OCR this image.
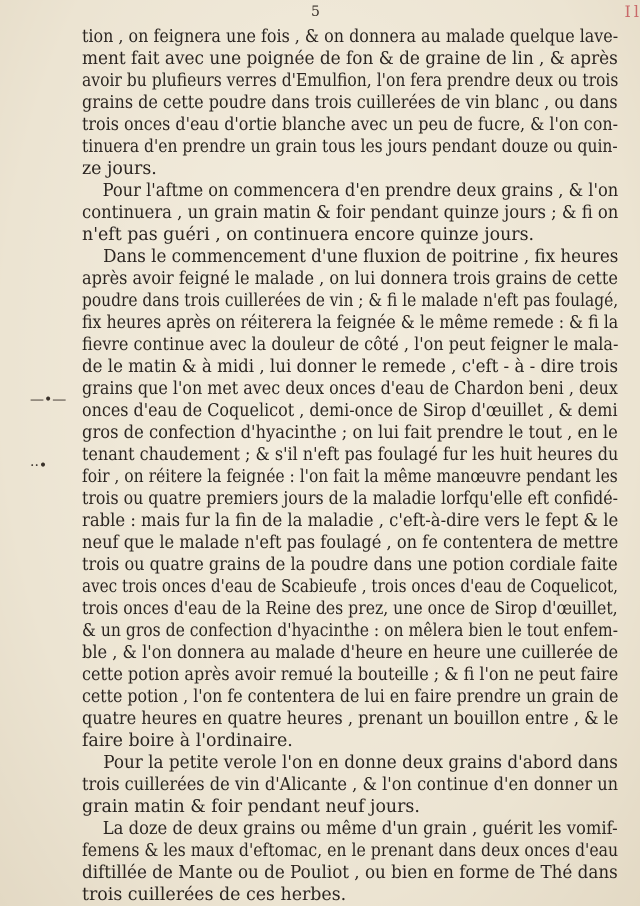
5	I l
—•—
··•
tion , on feignera une fois , & on donnera au malade quelque lave-
ment fait avec une poignée de fon & de graine de lin , & après
avoir bu plufieurs verres d'Emulfion, l'on fera prendre deux ou trois
grains de cette poudre dans trois cuillerées de vin blanc , ou dans
trois onces d'eau d'ortie blanche avec un peu de fucre, & l'on con-
tinuera d'en prendre un grain tous les jours pendant douze ou quin-
ze jours.
Pour l'aftme on commencera d'en prendre deux grains , & l'on
continuera , un grain matin & foir pendant quinze jours ; & fi on
n'eft pas guéri , on continuera encore quinze jours.
Dans le commencement d'une fluxion de poitrine , fix heures
après avoir feigné le malade , on lui donnera trois grains de cette
poudre dans trois cuillerées de vin ; & fi le malade n'eft pas foulagé,
fix heures après on réiterera la feignée & le même remede : & fi la
fievre continue avec la douleur de côté , l'on peut feigner le mala-
de le matin & à midi , lui donner le remede , c'eft - à - dire trois
grains que l'on met avec deux onces d'eau de Chardon beni , deux
onces d'eau de Coquelicot , demi-once de Sirop d'œuillet , & demi
gros de confection d'hyacinthe ; on lui fait prendre le tout , en le
tenant chaudement ; & s'il n'eft pas foulagé fur les huit heures du
foir , on réitere la feignée : l'on fait la même manœuvre pendant les
trois ou quatre premiers jours de la maladie lorfqu'elle eft confidé-
rable : mais fur la fin de la maladie , c'eft-à-dire vers le fept & le
neuf que le malade n'eft pas foulagé , on fe contentera de mettre
trois ou quatre grains de la poudre dans une potion cordiale faite
avec trois onces d'eau de Scabieufe , trois onces d'eau de Coquelicot,
trois onces d'eau de la Reine des prez, une once de Sirop d'œuillet,
& un gros de confection d'hyacinthe : on mêlera bien le tout enfem-
ble , & l'on donnera au malade d'heure en heure une cuillerée de
cette potion après avoir remué la bouteille ; & fi l'on ne peut faire
cette potion , l'on fe contentera de lui en faire prendre un grain de
quatre heures en quatre heures , prenant un bouillon entre , & le
faire boire à l'ordinaire.
Pour la petite verole l'on en donne deux grains d'abord dans
trois cuillerées de vin d'Alicante , & l'on continue d'en donner un
grain matin & foir pendant neuf jours.
La doze de deux grains ou même d'un grain , guérit les vomif-
femens & les maux d'eftomac, en le prenant dans deux onces d'eau
diftillée de Mante ou de Pouliot , ou bien en forme de Thé dans
trois cuillerées de ces herbes.
